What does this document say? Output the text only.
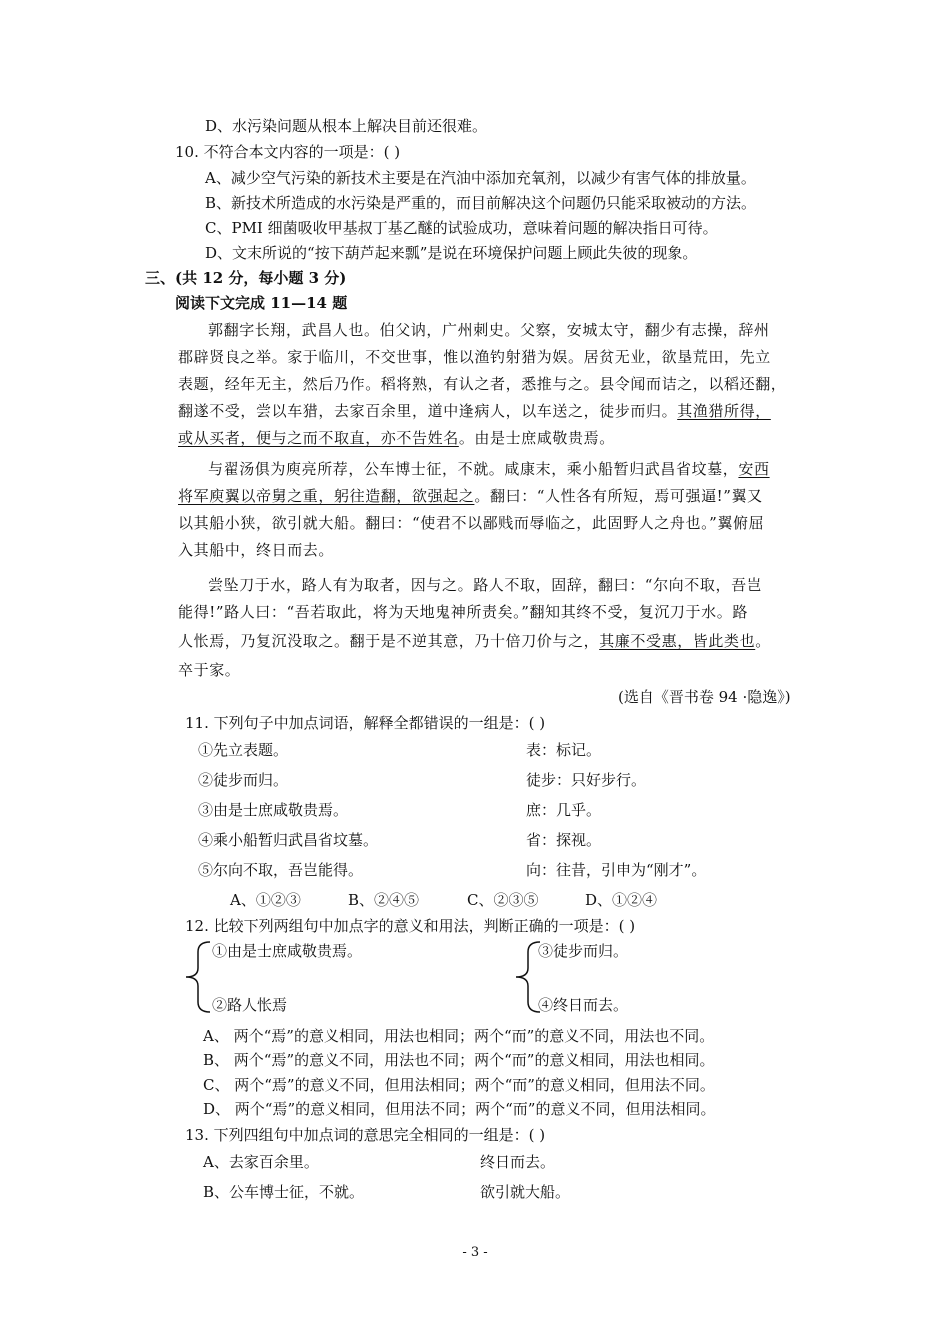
D、水污染问题从根本上解决目前还很难。
10. 不符合本文内容的一项是：( )
A、减少空气污染的新技术主要是在汽油中添加充氧剂，以减少有害气体的排放量。
B、新技术所造成的水污染是严重的，而目前解决这个问题仍只能采取被动的方法。
C、PMI 细菌吸收甲基叔丁基乙醚的试验成功，意味着问题的解决指日可待。
D、文末所说的“按下葫芦起来瓢”是说在环境保护问题上顾此失彼的现象。
三、(共 12 分，每小题 3 分)
阅读下文完成 11—14 题
郭翻字长翔，武昌人也。伯父讷，广州刺史。父察，安城太守，翻少有志操，辞州
郡辟贤良之举。家于临川，不交世事，惟以渔钓射猎为娱。居贫无业，欲垦荒田，先立
表题，经年无主，然后乃作。稻将熟，有认之者，悉推与之。县令闻而诘之，以稻还翻，
翻遂不受，尝以车猎，去家百余里，道中逢病人，以车送之，徒步而归。其渔猎所得，
或从买者，便与之而不取直，亦不告姓名。由是士庶咸敬贵焉。
与翟汤俱为庾亮所荐，公车博士征，不就。咸康末，乘小船暂归武昌省坟墓，安西
将军庾翼以帝舅之重，躬往造翻，欲强起之。翻曰：“人性各有所短，焉可强逼!”翼又
以其船小狭，欲引就大船。翻曰：“使君不以鄙贱而辱临之，此固野人之舟也。”翼俯屈
入其船中，终日而去。
尝坠刀于水，路人有为取者，因与之。路人不取，固辞，翻曰：“尔向不取，吾岂
能得!”路人曰：“吾若取此，将为天地鬼神所责矣。”翻知其终不受，复沉刀于水。路
人怅焉，乃复沉没取之。翻于是不逆其意，乃十倍刀价与之，其廉不受惠，皆此类也。
卒于家。
(选自《晋书卷 94 ·隐逸》)
11. 下列句子中加点词语，解释全都错误的一组是：( )
①先立表题。	表：标记。
②徒步而归。	徒步：只好步行。
③由是士庶咸敬贵焉。	庶：几乎。
④乘小船暂归武昌省坟墓。	省：探视。
⑤尔向不取，吾岂能得。	向：往昔，引申为“刚才”。
A、①②③	B、②④⑤	C、②③⑤	D、①②④
12. 比较下列两组句中加点字的意义和用法，判断正确的一项是：( )
①由是士庶咸敬贵焉。
②路人怅焉
③徒步而归。
④终日而去。
A、 两个“焉”的意义相同，用法也相同；两个“而”的意义不同，用法也不同。
B、 两个“焉”的意义不同，用法也不同；两个“而”的意义相同，用法也相同。
C、 两个“焉”的意义不同，但用法相同；两个“而”的意义相同，但用法不同。
D、 两个“焉”的意义相同，但用法不同；两个“而”的意义不同，但用法相同。
13. 下列四组句中加点词的意思完全相同的一组是：( )
A、去家百余里。	终日而去。
B、公车博士征，不就。	欲引就大船。
- 3 -
